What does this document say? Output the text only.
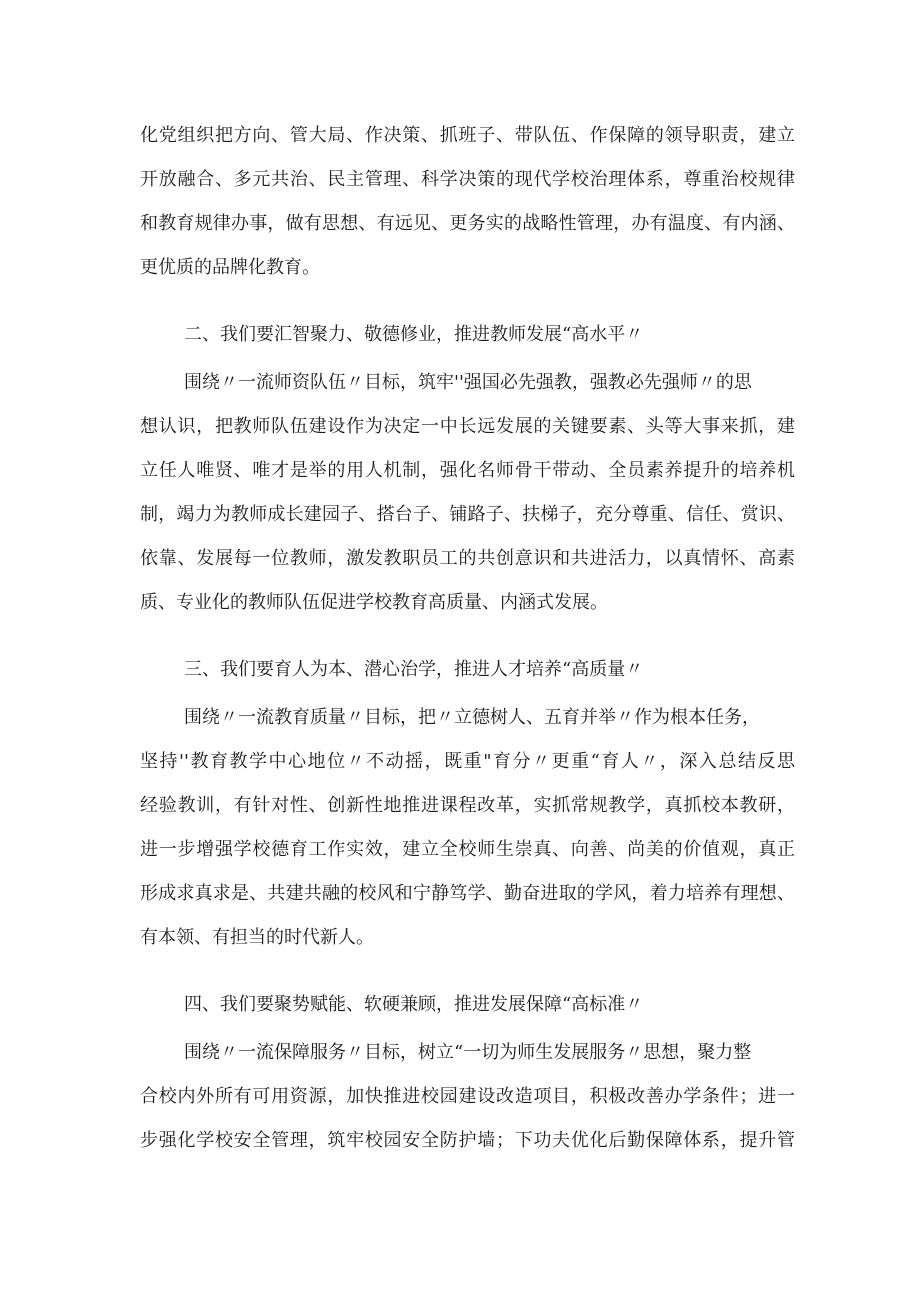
化党组织把方向、管大局、作决策、抓班子、带队伍、作保障的领导职责，建立
开放融合、多元共治、民主管理、科学决策的现代学校治理体系，尊重治校规律
和教育规律办事，做有思想、有远见、更务实的战略性管理，办有温度、有内涵、
更优质的品牌化教育。
二、我们要汇智聚力、敬德修业，推进教师发展“高水平〃
围绕〃一流师资队伍〃目标，筑牢''强国必先强教，强教必先强师〃的思
想认识，把教师队伍建设作为决定一中长远发展的关键要素、头等大事来抓，建
立任人唯贤、唯才是举的用人机制，强化名师骨干带动、全员素养提升的培养机
制，竭力为教师成长建园子、搭台子、铺路子、扶梯子，充分尊重、信任、赏识、
依靠、发展每一位教师，激发教职员工的共创意识和共进活力，以真情怀、高素
质、专业化的教师队伍促进学校教育高质量、内涵式发展。
三、我们要育人为本、潜心治学，推进人才培养“高质量〃
围绕〃一流教育质量〃目标，把〃立德树人、五育并举〃作为根本任务，
坚持''教育教学中心地位〃不动摇，既重"育分〃更重“育人〃，深入总结反思
经验教训，有针对性、创新性地推进课程改革，实抓常规教学，真抓校本教研，
进一步增强学校德育工作实效，建立全校师生崇真、向善、尚美的价值观，真正
形成求真求是、共建共融的校风和宁静笃学、勤奋进取的学风，着力培养有理想、
有本领、有担当的时代新人。
四、我们要聚势赋能、软硬兼顾，推进发展保障“高标准〃
围绕〃一流保障服务〃目标，树立“一切为师生发展服务〃思想，聚力整
合校内外所有可用资源，加快推进校园建设改造项目，积极改善办学条件；进一
步强化学校安全管理，筑牢校园安全防护墙；下功夫优化后勤保障体系，提升管
